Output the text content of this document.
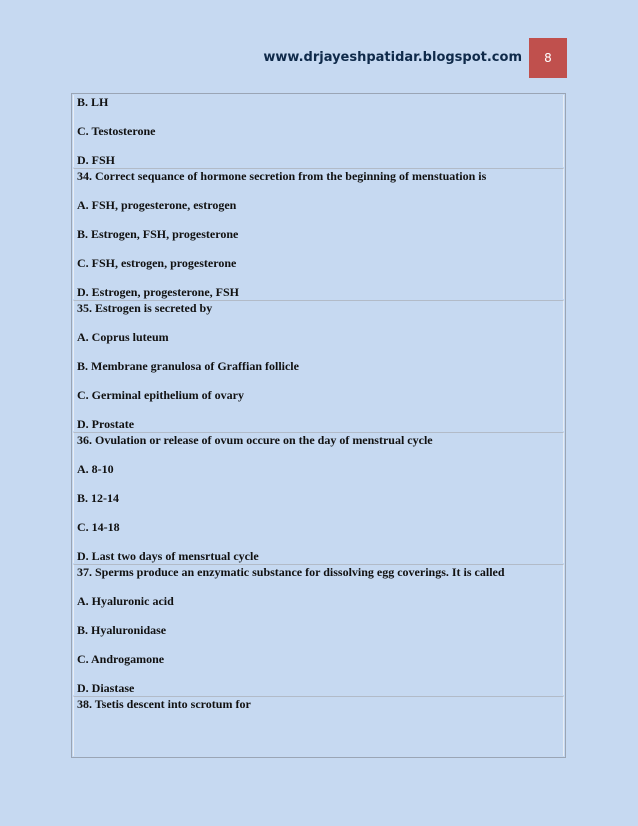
www.drjayeshpatidar.blogspot.com	8
B. LH
C. Testosterone
D. FSH
34. Correct sequance of hormone secretion from the beginning of menstuation is
A. FSH, progesterone, estrogen
B. Estrogen, FSH, progesterone
C. FSH, estrogen, progesterone
D. Estrogen, progesterone, FSH
35. Estrogen is secreted by
A. Coprus luteum
B. Membrane granulosa of Graffian follicle
C. Germinal epithelium of ovary
D. Prostate
36. Ovulation or release of ovum occure on the day of menstrual cycle
A. 8-10
B. 12-14
C. 14-18
D. Last two days of mensrtual cycle
37. Sperms produce an enzymatic substance for dissolving egg coverings. It is called
A. Hyaluronic acid
B. Hyaluronidase
C. Androgamone
D. Diastase
38. Tsetis descent into scrotum for
